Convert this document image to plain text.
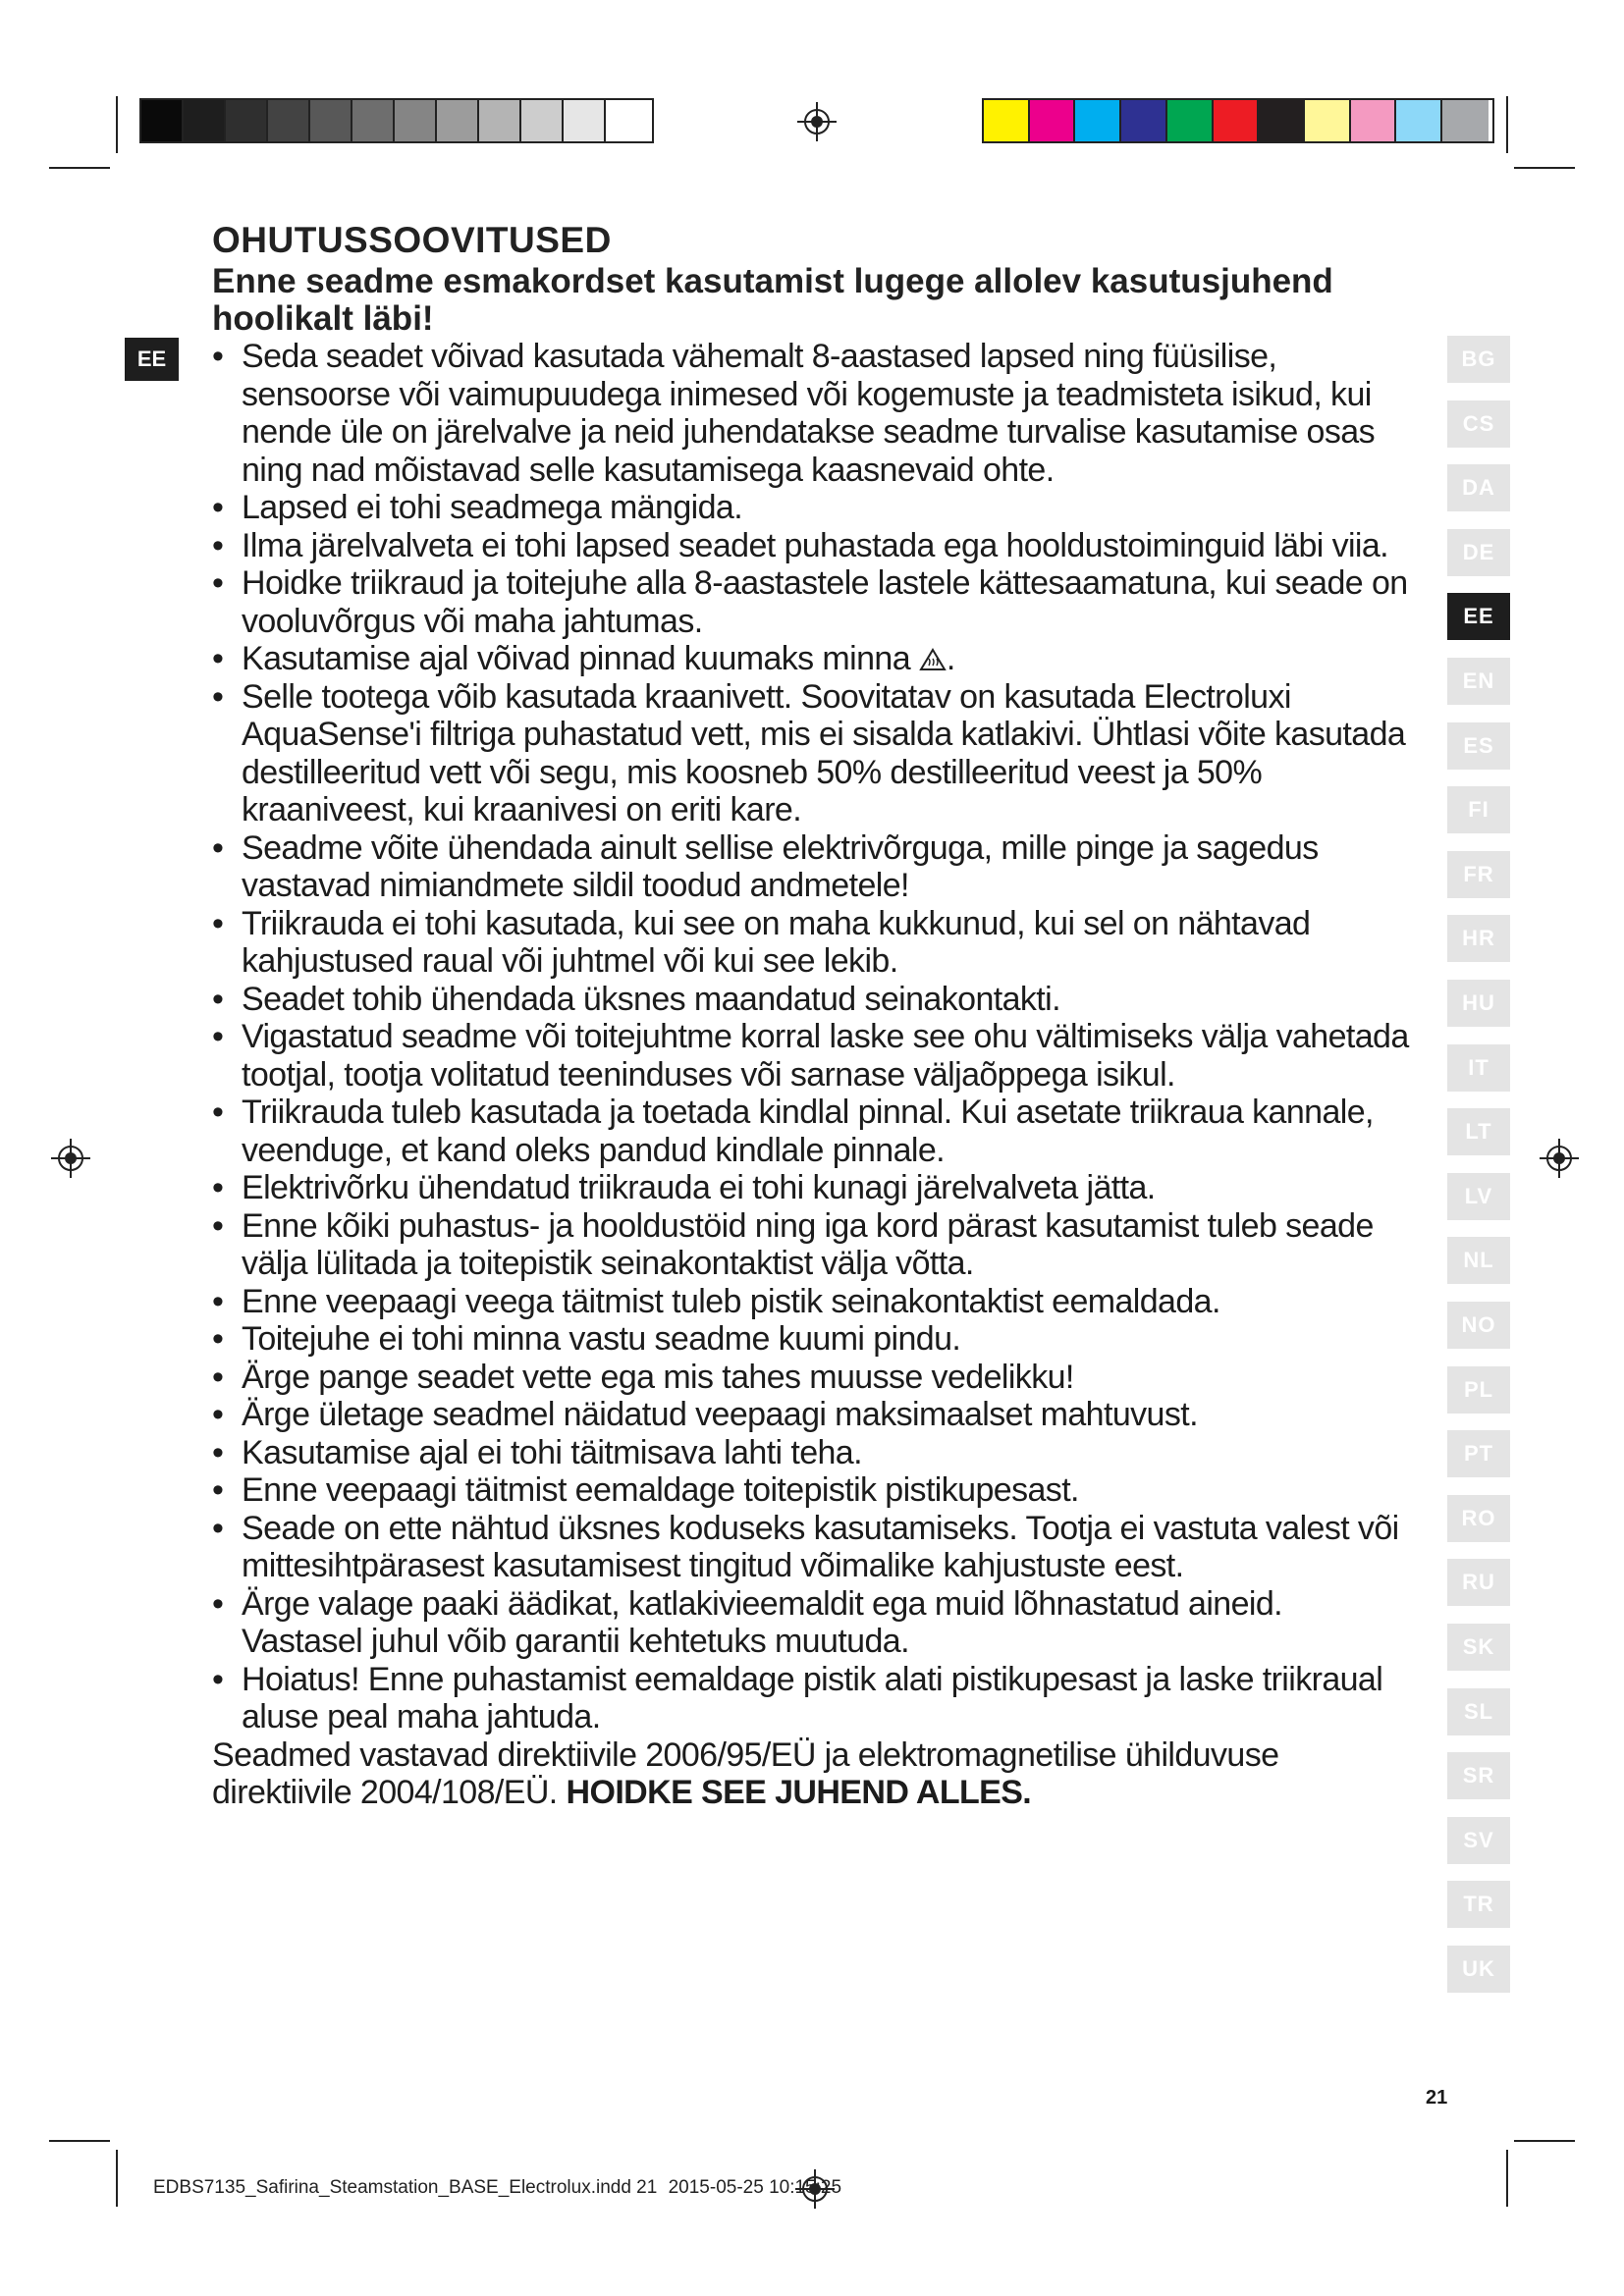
EE
OHUTUSSOOVITUSED

Enne seadme esmakordset kasutamist lugege allolev kasutusjuhend hoolikalt läbi!

• Seda seadet võivad kasutada vähemalt 8-aastased lapsed ning füüsilise, sensoorse või vaimupuudega inimesed või kogemuste ja teadmisteta isikud, kui nende üle on järelvalve ja neid juhendatakse seadme turvalise kasutamise osas ning nad mõistavad selle kasutamisega kaasnevaid ohte.
• Lapsed ei tohi seadmega mängida.
• Ilma järelvalveta ei tohi lapsed seadet puhastada ega hooldustoiminguid läbi viia.
• Hoidke triikraud ja toitejuhe alla 8-aastastele lastele kättesaamatuna, kui seade on vooluvõrgus või maha jahtumas.
• Kasutamise ajal võivad pinnad kuumaks minna .
• Selle tootega võib kasutada kraanivett. Soovitatav on kasutada Electroluxi AquaSense'i filtriga puhastatud vett, mis ei sisalda katlakivi. Ühtlasi võite kasutada destilleeritud vett või segu, mis koosneb 50% destilleeritud veest ja 50% kraaniveest, kui kraanivesi on eriti kare.
• Seadme võite ühendada ainult sellise elektrivõrguga, mille pinge ja sagedus vastavad nimiandmete sildil toodud andmetele!
• Triikrauda ei tohi kasutada, kui see on maha kukkunud, kui sel on nähtavad kahjustused raual või juhtmel või kui see lekib.
• Seadet tohib ühendada üksnes maandatud seinakontakti.
• Vigastatud seadme või toitejuhtme korral laske see ohu vältimiseks välja vahetada tootjal, tootja volitatud teeninduses või sarnase väljaõppega isikul.
• Triikrauda tuleb kasutada ja toetada kindlal pinnal. Kui asetate triikraua kannale, veenduge, et kand oleks pandud kindlale pinnale.
• Elektrivõrku ühendatud triikrauda ei tohi kunagi järelvalveta jätta.
• Enne kõiki puhastus- ja hooldustöid ning iga kord pärast kasutamist tuleb seade välja lülitada ja toitepistik seinakontaktist välja võtta.
• Enne veepaagi veega täitmist tuleb pistik seinakontaktist eemaldada.
• Toitejuhe ei tohi minna vastu seadme kuumi pindu.
• Ärge pange seadet vette ega mis tahes muusse vedelikku!
• Ärge ületage seadmel näidatud veepaagi maksimaalset mahtuvust.
• Kasutamise ajal ei tohi täitmisava lahti teha.
• Enne veepaagi täitmist eemaldage toitepistik pistikupesast.
• Seade on ette nähtud üksnes koduseks kasutamiseks. Tootja ei vastuta valest või mittesihtpärasest kasutamisest tingitud võimalike kahjustuste eest.
• Ärge valage paaki äädikat, katlakivieemaldit ega muid lõhnastatud aineid. Vastasel juhul võib garantii kehtetuks muutuda.
• Hoiatus! Enne puhastamist eemaldage pistik alati pistikupesast ja laske triikraual aluse peal maha jahtuda.

Seadmed vastavad direktiivile 2006/95/EÜ ja elektromagnetilise ühilduvuse direktiivile 2004/108/EÜ. HOIDKE SEE JUHEND ALLES.

BG
CS
DA
DE
EE
EN
ES
FI
FR
HR
HU
IT
LT
LV
NL
NO
PL
PT
RO
RU
SK
SL
SR
SV
TR
UK
21
EDBS7135_Safirina_Steamstation_BASE_Electrolux.indd 21 2015-05-25 10:15:25
